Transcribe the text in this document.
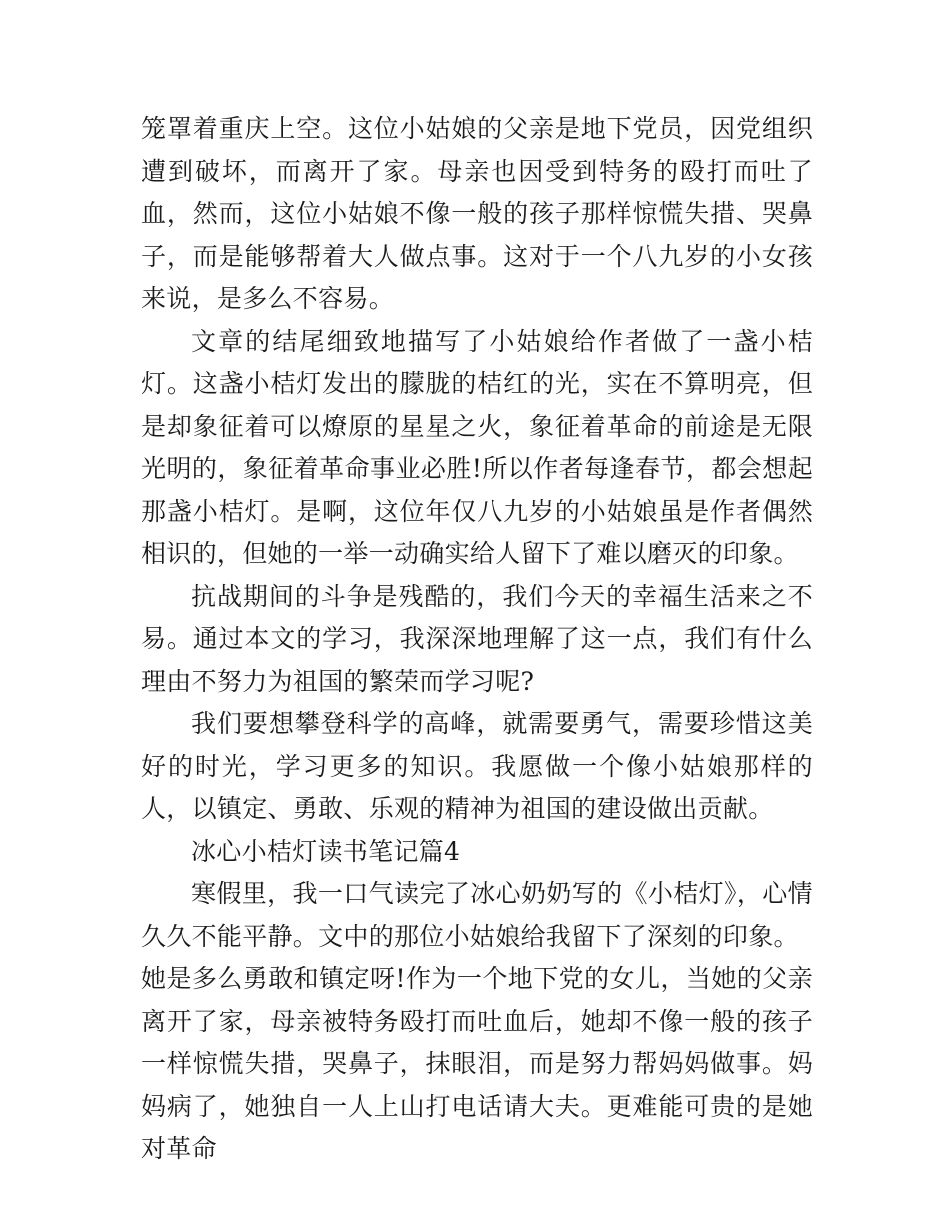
笼罩着重庆上空。这位小姑娘的父亲是地下党员，因党组织遭到破坏，而离开了家。母亲也因受到特务的殴打而吐了血，然而，这位小姑娘不像一般的孩子那样惊慌失措、哭鼻子，而是能够帮着大人做点事。这对于一个八九岁的小女孩来说，是多么不容易。

文章的结尾细致地描写了小姑娘给作者做了一盏小桔灯。这盏小桔灯发出的朦胧的桔红的光，实在不算明亮，但是却象征着可以燎原的星星之火，象征着革命的前途是无限光明的，象征着革命事业必胜!所以作者每逢春节，都会想起那盏小桔灯。是啊，这位年仅八九岁的小姑娘虽是作者偶然相识的，但她的一举一动确实给人留下了难以磨灭的印象。

抗战期间的斗争是残酷的，我们今天的幸福生活来之不易。通过本文的学习，我深深地理解了这一点，我们有什么理由不努力为祖国的繁荣而学习呢?

我们要想攀登科学的高峰，就需要勇气，需要珍惜这美好的时光，学习更多的知识。我愿做一个像小姑娘那样的人，以镇定、勇敢、乐观的精神为祖国的建设做出贡献。

冰心小桔灯读书笔记篇4

寒假里，我一口气读完了冰心奶奶写的《小桔灯》，心情久久不能平静。文中的那位小姑娘给我留下了深刻的印象。

她是多么勇敢和镇定呀!作为一个地下党的女儿，当她的父亲离开了家，母亲被特务殴打而吐血后，她却不像一般的孩子一样惊慌失措，哭鼻子，抹眼泪，而是努力帮妈妈做事。妈妈病了，她独自一人上山打电话请大夫。更难能可贵的是她对革命
